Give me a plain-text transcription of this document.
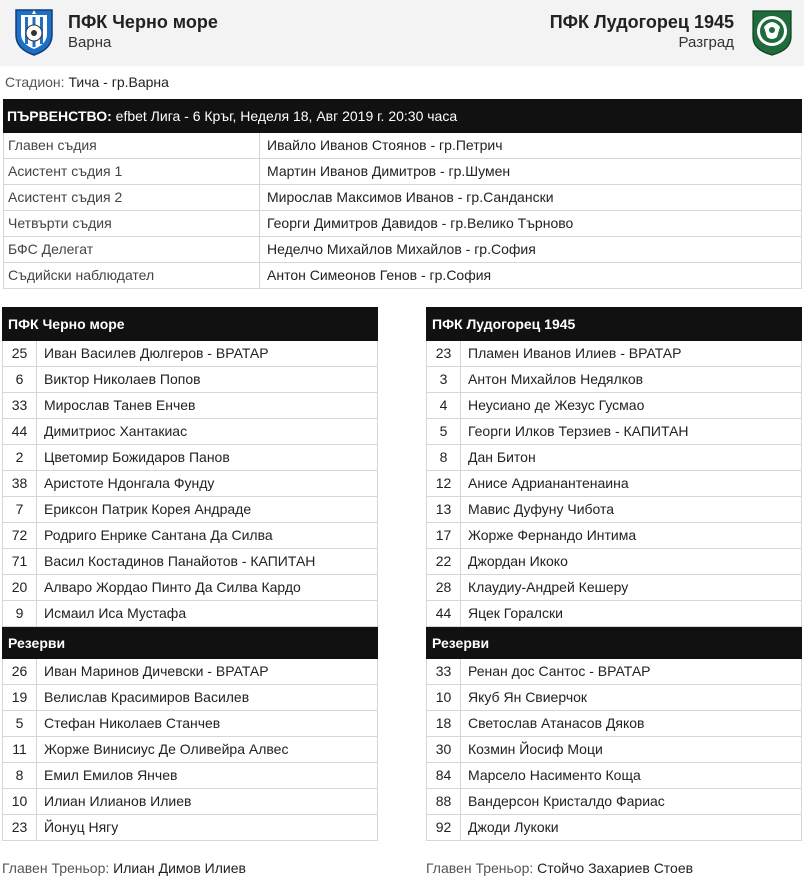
ПФК Черно море
Варна
ПФК Лудогорец 1945
Разград
Стадион: Тича - гр.Варна
ПЪРВЕНСТВО: efbet Лига - 6 Кръг, Неделя 18, Авг 2019 г. 20:30 часа
Главен съдия	Ивайло Иванов Стоянов - гр.Петрич
Асистент съдия 1	Мартин Иванов Димитров - гр.Шумен
Асистент съдия 2	Мирослав Максимов Иванов - гр.Сандански
Четвърти съдия	Георги Димитров Давидов - гр.Велико Търново
БФС Делегат	Неделчо Михайлов Михайлов - гр.София
Съдийски наблюдател	Антон Симеонов Генов - гр.София
ПФК Черно море
25	Иван Василев Дюлгеров - ВРАТАР
6	Виктор Николаев Попов
33	Мирослав Танев Енчев
44	Димитриос Хантакиас
2	Цветомир Божидаров Панов
38	Аристоте Ндонгала Фунду
7	Ериксон Патрик Корея Андраде
72	Родриго Енрике Сантана Да Силва
71	Васил Костадинов Панайотов - КАПИТАН
20	Алваро Жордао Пинто Да Силва Кардо
9	Исмаил Иса Мустафа
Резерви
26	Иван Маринов Дичевски - ВРАТАР
19	Велислав Красимиров Василев
5	Стефан Николаев Станчев
11	Жорже Винисиус Де Оливейра Алвес
8	Емил Емилов Янчев
10	Илиан Илианов Илиев
23	Йонуц Нягу
ПФК Лудогорец 1945
23	Пламен Иванов Илиев - ВРАТАР
3	Антон Михайлов Недялков
4	Неусиано де Жезус Гусмао
5	Георги Илков Терзиев - КАПИТАН
8	Дан Битон
12	Анисе Адрианантенаина
13	Мавис Дуфуну Чибота
17	Жорже Фернандо Интима
22	Джордан Икоко
28	Клаудиу-Андрей Кешеру
44	Яцек Горалски
Резерви
33	Ренан дос Сантос - ВРАТАР
10	Якуб Ян Свиерчок
18	Светослав Атанасов Дяков
30	Козмин Йосиф Моци
84	Марсело Насименто Коща
88	Вандерсон Кристалдо Фариас
92	Джоди Лукоки
Главен Треньор: Илиан Димов Илиев	Главен Треньор: Стойчо Захариев Стоев
